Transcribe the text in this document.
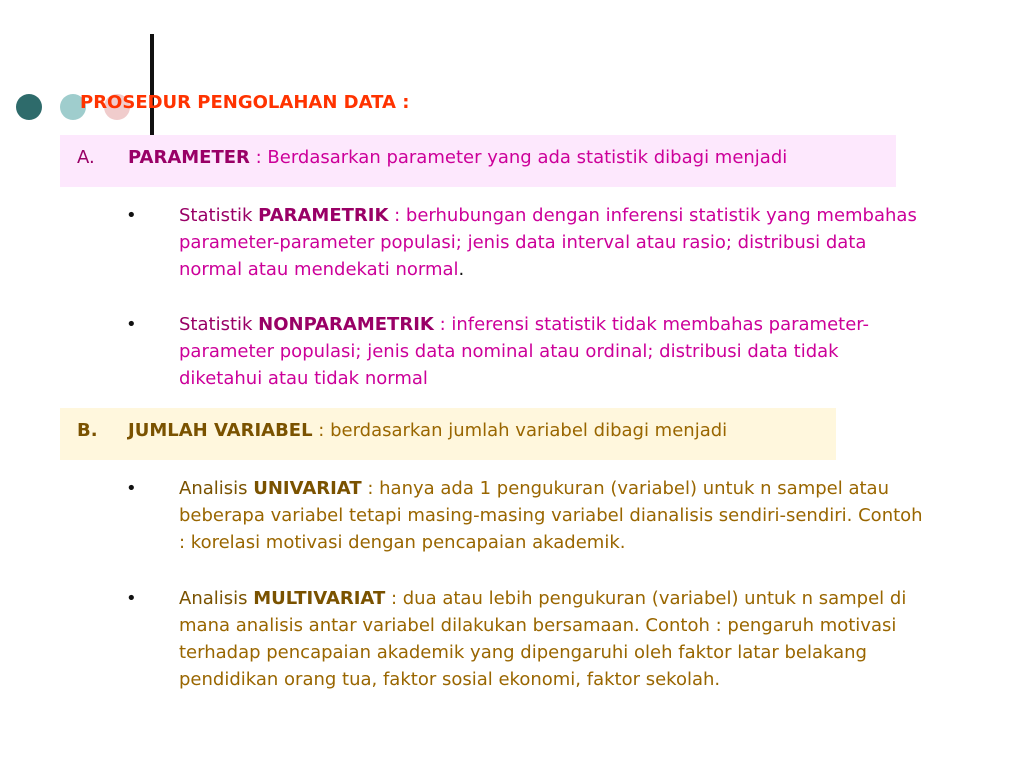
PROSEDUR PENGOLAHAN DATA :
A. PARAMETER : Berdasarkan parameter yang ada statistik dibagi menjadi
• Statistik PARAMETRIK : berhubungan dengan inferensi statistik yang membahas parameter-parameter populasi; jenis data interval atau rasio; distribusi data normal atau mendekati normal.
• Statistik NONPARAMETRIK : inferensi statistik tidak membahas parameter-parameter populasi; jenis data nominal atau ordinal; distribusi data tidak diketahui atau tidak normal
B. JUMLAH VARIABEL : berdasarkan jumlah variabel dibagi menjadi
• Analisis UNIVARIAT : hanya ada 1 pengukuran (variabel) untuk n sampel atau beberapa variabel tetapi masing-masing variabel dianalisis sendiri-sendiri. Contoh : korelasi motivasi dengan pencapaian akademik.
• Analisis MULTIVARIAT : dua atau lebih pengukuran (variabel) untuk n sampel di mana analisis antar variabel dilakukan bersamaan. Contoh : pengaruh motivasi terhadap pencapaian akademik yang dipengaruhi oleh faktor latar belakang pendidikan orang tua, faktor sosial ekonomi, faktor sekolah.
